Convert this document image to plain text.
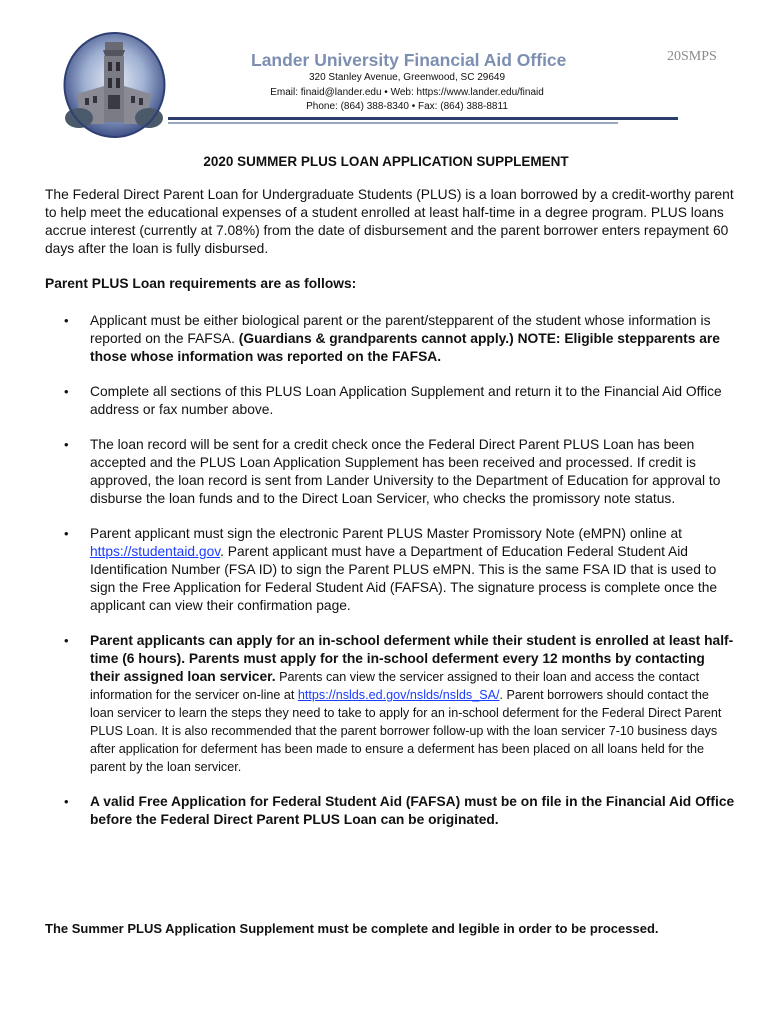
Lander University Financial Aid Office	20SMPS
320 Stanley Avenue, Greenwood, SC 29649
Email: finaid@lander.edu • Web: https://www.lander.edu/finaid
Phone: (864) 388-8340 • Fax: (864) 388-8811
2020 SUMMER PLUS LOAN APPLICATION SUPPLEMENT
The Federal Direct Parent Loan for Undergraduate Students (PLUS) is a loan borrowed by a credit-worthy parent to help meet the educational expenses of a student enrolled at least half-time in a degree program. PLUS loans accrue interest (currently at 7.08%) from the date of disbursement and the parent borrower enters repayment 60 days after the loan is fully disbursed.
Parent PLUS Loan requirements are as follows:
• Applicant must be either biological parent or the parent/stepparent of the student whose information is reported on the FAFSA. (Guardians & grandparents cannot apply.) NOTE: Eligible stepparents are those whose information was reported on the FAFSA.
• Complete all sections of this PLUS Loan Application Supplement and return it to the Financial Aid Office address or fax number above.
• The loan record will be sent for a credit check once the Federal Direct Parent PLUS Loan has been accepted and the PLUS Loan Application Supplement has been received and processed. If credit is approved, the loan record is sent from Lander University to the Department of Education for approval to disburse the loan funds and to the Direct Loan Servicer, who checks the promissory note status.
• Parent applicant must sign the electronic Parent PLUS Master Promissory Note (eMPN) online at https://studentaid.gov. Parent applicant must have a Department of Education Federal Student Aid Identification Number (FSA ID) to sign the Parent PLUS eMPN. This is the same FSA ID that is used to sign the Free Application for Federal Student Aid (FAFSA). The signature process is complete once the applicant can view their confirmation page.
• Parent applicants can apply for an in-school deferment while their student is enrolled at least half-time (6 hours). Parents must apply for the in-school deferment every 12 months by contacting their assigned loan servicer. Parents can view the servicer assigned to their loan and access the contact information for the servicer on-line at https://nslds.ed.gov/nslds/nslds_SA/. Parent borrowers should contact the loan servicer to learn the steps they need to take to apply for an in-school deferment for the Federal Direct Parent PLUS Loan. It is also recommended that the parent borrower follow-up with the loan servicer 7-10 business days after application for deferment has been made to ensure a deferment has been placed on all loans held for the parent by the loan servicer.
• A valid Free Application for Federal Student Aid (FAFSA) must be on file in the Financial Aid Office before the Federal Direct Parent PLUS Loan can be originated.
The Summer PLUS Application Supplement must be complete and legible in order to be processed.
